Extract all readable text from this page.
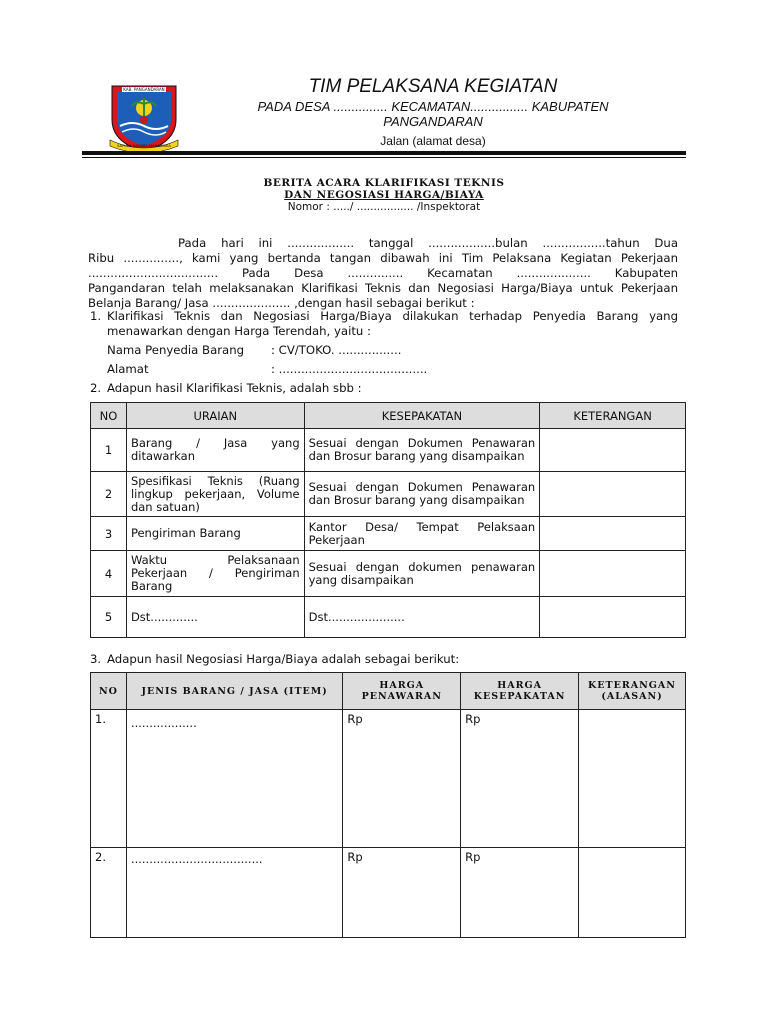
KAB. PANGANDARAN
SAPURA NAGARA MAHARDIKA
TIM PELAKSANA KEGIATAN
PADA DESA ............... KECAMATAN................ KABUPATEN
PANGANDARAN
Jalan (alamat desa)
BERITA ACARA KLARIFIKASI TEKNIS
DAN NEGOSIASI HARGA/BIAYA
Nomor : ...../ ................. /Inspektorat

Pada hari ini .................. tanggal ..................bulan .................tahun Dua

Ribu ..............., kami yang bertanda tangan dibawah ini Tim Pelaksana Kegiatan Pekerjaan

................................... Pada Desa ............... Kecamatan .................... Kabupaten

Pangandaran telah melaksanakan Klarifikasi Teknis dan Negosiasi Harga/Biaya untuk Pekerjaan

Belanja Barang/ Jasa ..................... ,dengan hasil sebagai berikut :

1. Klarifikasi Teknis dan Negosiasi Harga/Biaya dilakukan terhadap Penyedia Barang yang
menawarkan dengan Harga Terendah, yaitu :
Nama Penyedia Barang : CV/TOKO. .................
Alamat	: ........................................
2. Adapun hasil Klarifikasi Teknis, adalah sbb :
NO	URAIAN	KESEPAKATAN	KETERANGAN
1	Barang / Jasa yang ditawarkan	Sesuai dengan Dokumen Penawaran dan Brosur barang yang disampaikan	
2	Spesifikasi Teknis (Ruang lingkup pekerjaan, Volume dan satuan)	Sesuai dengan Dokumen Penawaran dan Brosur barang yang disampaikan	
3	Pengiriman Barang	Kantor Desa/ Tempat Pelaksaan Pekerjaan	
4	Waktu Pelaksanaan Pekerjaan / Pengiriman Barang	Sesuai dengan dokumen penawaran yang disampaikan	
5	Dst.............	Dst.....................	
3. Adapun hasil Negosiasi Harga/Biaya adalah sebagai berikut:
NO	JENIS BARANG / JASA (ITEM)	HARGA PENAWARAN	HARGA KESEPAKATAN	KETERANGAN (ALASAN)
1.	..................	Rp	Rp	
2.	....................................	Rp	Rp	
